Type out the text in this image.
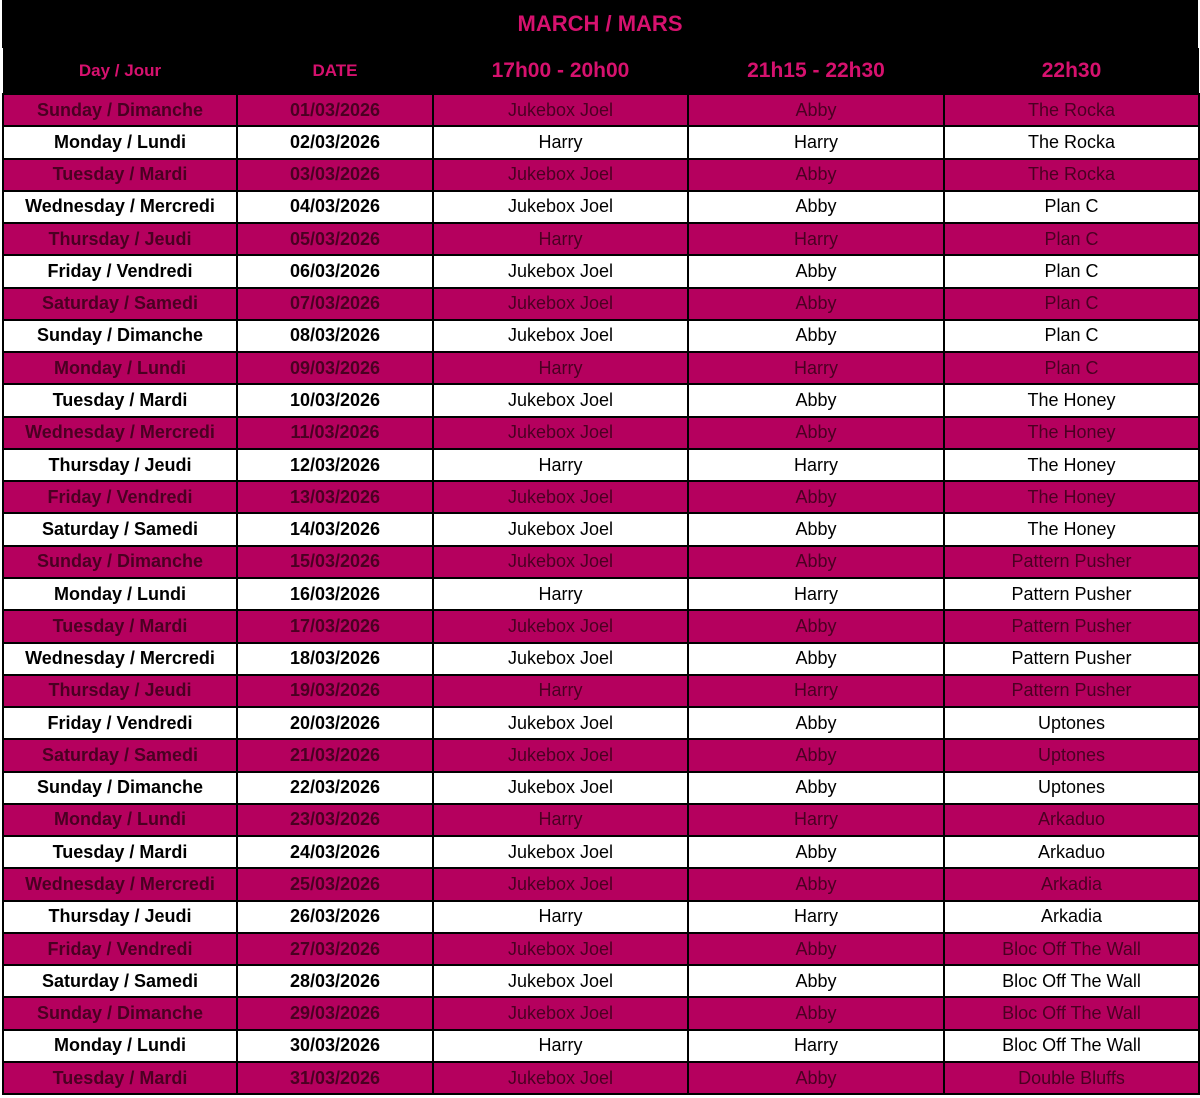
MARCH / MARS
Day / Jour	DATE	17h00 - 20h00	21h15 - 22h30	22h30
Sunday / Dimanche	01/03/2026	Jukebox Joel	Abby	The Rocka
Monday / Lundi	02/03/2026	Harry	Harry	The Rocka
Tuesday / Mardi	03/03/2026	Jukebox Joel	Abby	The Rocka
Wednesday / Mercredi	04/03/2026	Jukebox Joel	Abby	Plan C
Thursday / Jeudi	05/03/2026	Harry	Harry	Plan C
Friday / Vendredi	06/03/2026	Jukebox Joel	Abby	Plan C
Saturday / Samedi	07/03/2026	Jukebox Joel	Abby	Plan C
Sunday / Dimanche	08/03/2026	Jukebox Joel	Abby	Plan C
Monday / Lundi	09/03/2026	Harry	Harry	Plan C
Tuesday / Mardi	10/03/2026	Jukebox Joel	Abby	The Honey
Wednesday / Mercredi	11/03/2026	Jukebox Joel	Abby	The Honey
Thursday / Jeudi	12/03/2026	Harry	Harry	The Honey
Friday / Vendredi	13/03/2026	Jukebox Joel	Abby	The Honey
Saturday / Samedi	14/03/2026	Jukebox Joel	Abby	The Honey
Sunday / Dimanche	15/03/2026	Jukebox Joel	Abby	Pattern Pusher
Monday / Lundi	16/03/2026	Harry	Harry	Pattern Pusher
Tuesday / Mardi	17/03/2026	Jukebox Joel	Abby	Pattern Pusher
Wednesday / Mercredi	18/03/2026	Jukebox Joel	Abby	Pattern Pusher
Thursday / Jeudi	19/03/2026	Harry	Harry	Pattern Pusher
Friday / Vendredi	20/03/2026	Jukebox Joel	Abby	Uptones
Saturday / Samedi	21/03/2026	Jukebox Joel	Abby	Uptones
Sunday / Dimanche	22/03/2026	Jukebox Joel	Abby	Uptones
Monday / Lundi	23/03/2026	Harry	Harry	Arkaduo
Tuesday / Mardi	24/03/2026	Jukebox Joel	Abby	Arkaduo
Wednesday / Mercredi	25/03/2026	Jukebox Joel	Abby	Arkadia
Thursday / Jeudi	26/03/2026	Harry	Harry	Arkadia
Friday / Vendredi	27/03/2026	Jukebox Joel	Abby	Bloc Off The Wall
Saturday / Samedi	28/03/2026	Jukebox Joel	Abby	Bloc Off The Wall
Sunday / Dimanche	29/03/2026	Jukebox Joel	Abby	Bloc Off The Wall
Monday / Lundi	30/03/2026	Harry	Harry	Bloc Off The Wall
Tuesday / Mardi	31/03/2026	Jukebox Joel	Abby	Double Bluffs
